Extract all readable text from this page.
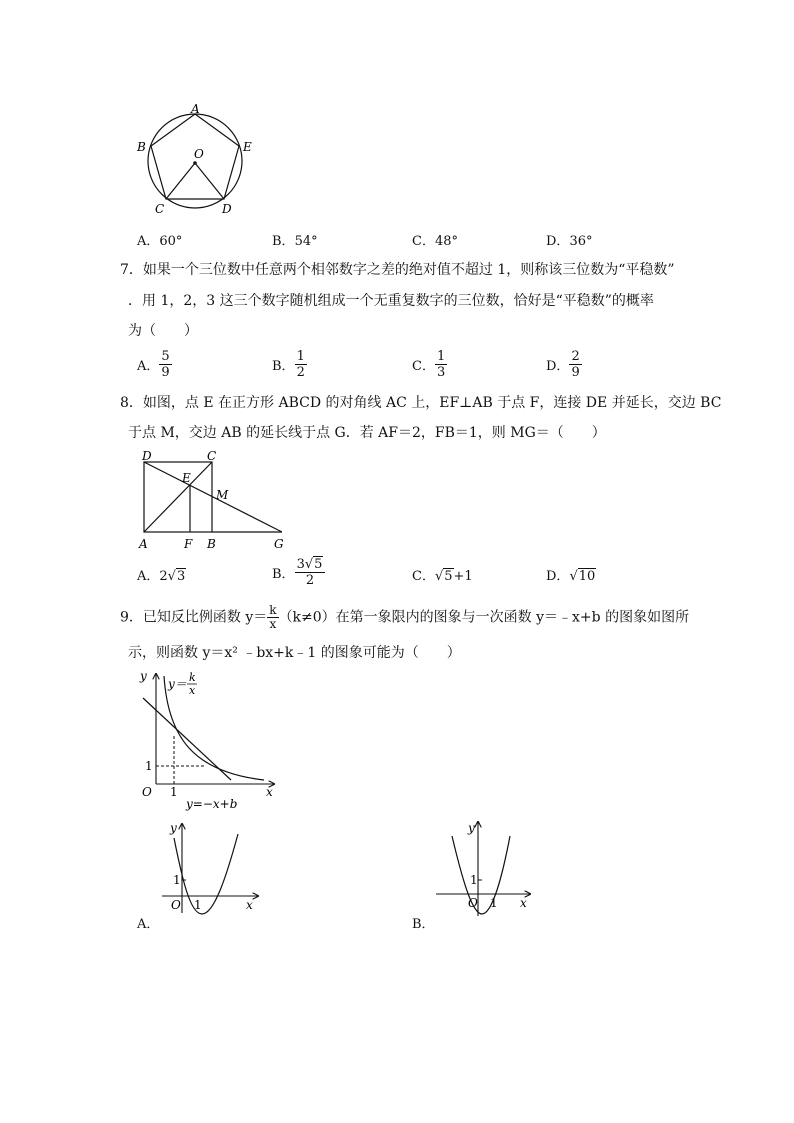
A
B	E
O
C	D
A．60°	B．54°	C．48°	D．36°
7．如果一个三位数中任意两个相邻数字之差的绝对值不超过 1，则称该三位数为“平稳数”
．用 1，2，3 这三个数字随机组成一个无重复数字的三位数，恰好是“平稳数”的概率
为（　　）
A． $\frac{5}{9}$	B． $\frac{1}{2}$	C． $\frac{1}{3}$	D． $\frac{2}{9}$
8．如图，点 E 在正方形 ABCD 的对角线 AC 上，EF⊥AB 于点 F，连接 DE 并延长，交边 BC
于点 M，交边 AB 的延长线于点 G．若 AF＝2，FB＝1，则 MG＝（　　）
D	C
E
M
A	F B	G
A．2√3	B． $\frac{3√5}{2}$	C．√5+1	D．√10
9．已知反比例函数 $y= \frac{k}{x} (k\ne 0)$在第一象限内的图象与一次函数 y＝﹣x+b 的图象如图所
示，则函数 y＝x² ﹣bx+k﹣1 的图象可能为（　　）
y
y＝ k
x
1
O 1	x
y=−x+b
y
1
O 1	x
A．
y
1
O 1 x
B．
